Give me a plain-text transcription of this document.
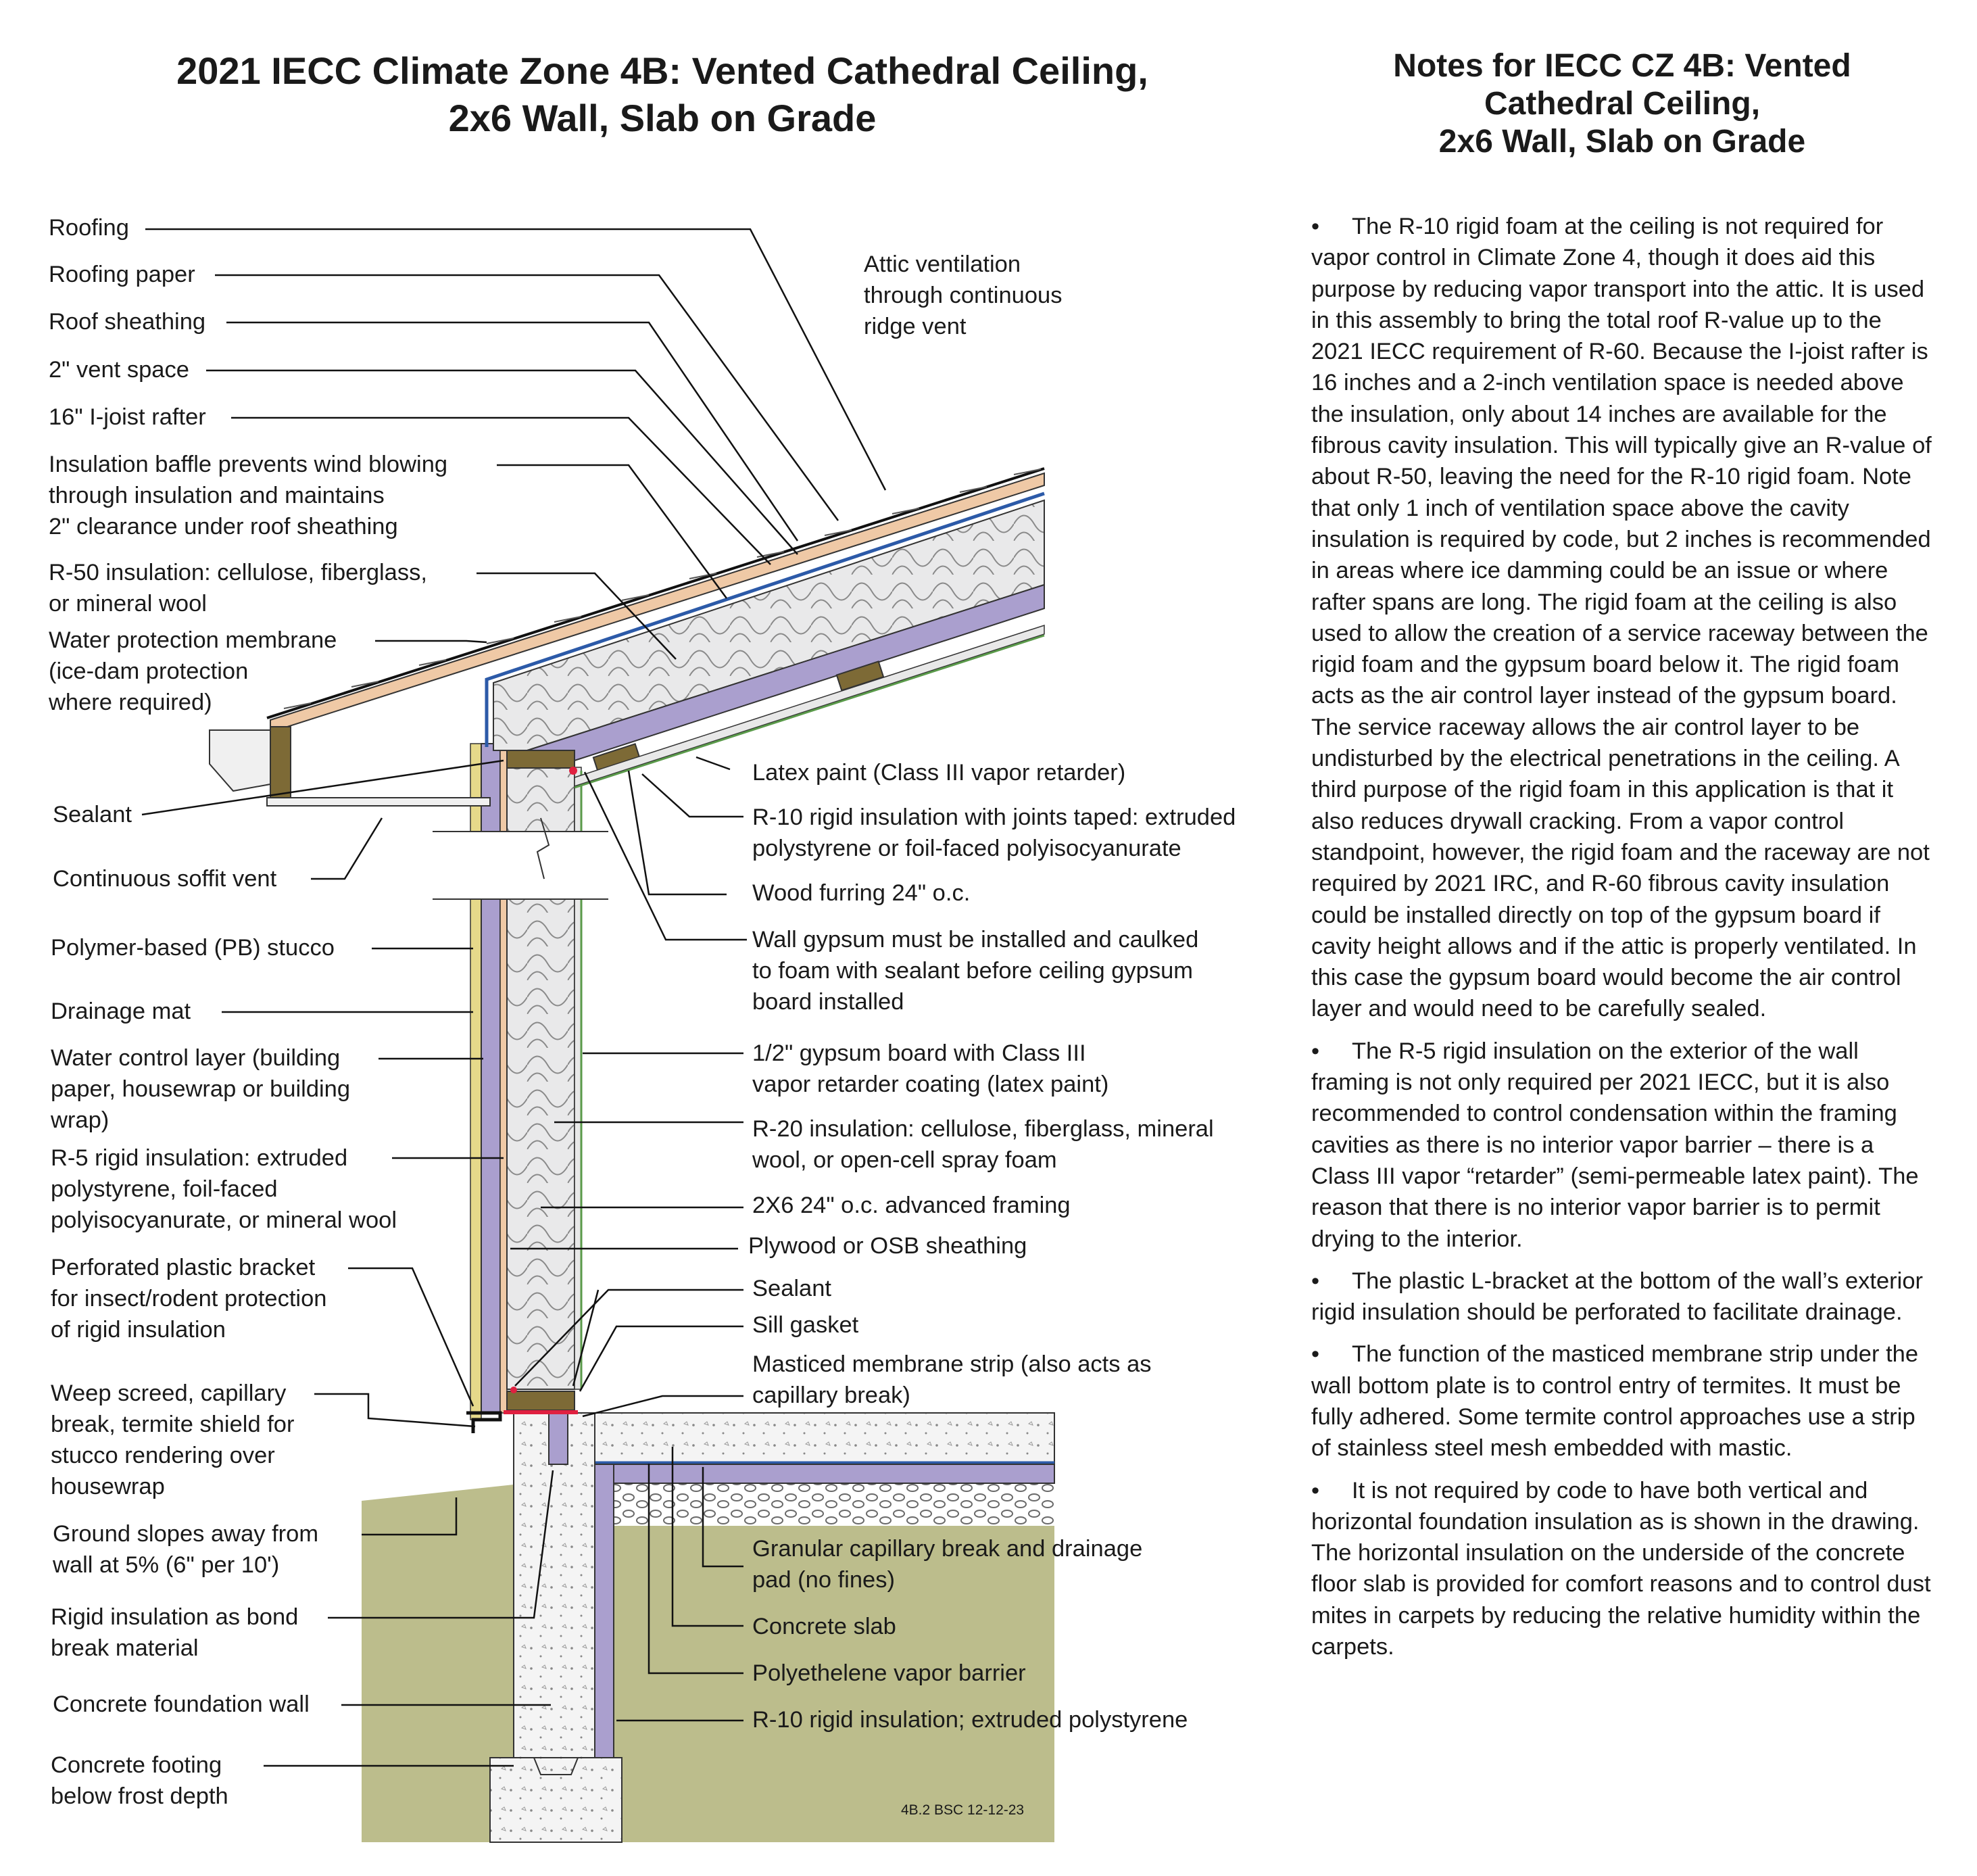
2021 IECC Climate Zone 4B: Vented Cathedral Ceiling,
2x6 Wall, Slab on Grade
Notes for IECC CZ 4B: Vented
Cathedral Ceiling,
2x6 Wall, Slab on Grade

• The R-10 rigid foam at the ceiling is not required for vapor control in Climate Zone 4, though it does aid this purpose by reducing vapor transport into the attic. It is used in this assembly to bring the total roof R-value up to the 2021 IECC requirement of R-60. Because the I-joist rafter is 16 inches and a 2-inch ventilation space is needed above the insulation, only about 14 inches are available for the fibrous cavity insulation. This will typically give an R-value of about R-50, leaving the need for the R-10 rigid foam. Note that only 1 inch of ventilation space above the cavity insulation is required by code, but 2 inches is recommended in areas where ice damming could be an issue or where rafter spans are long. The rigid foam at the ceiling is also used to allow the creation of a service raceway between the rigid foam and the gypsum board below it. The rigid foam acts as the air control layer instead of the gypsum board. The service raceway allows the air control layer to be undisturbed by the electrical penetrations in the ceiling. A third purpose of the rigid foam in this application is that it also reduces drywall cracking. From a vapor control standpoint, however, the rigid foam and the raceway are not required by 2021 IRC, and R-60 fibrous cavity insulation could be installed directly on top of the gypsum board if cavity height allows and if the attic is properly ventilated. In this case the gypsum board would become the air control layer and would need to be carefully sealed.

• The R-5 rigid insulation on the exterior of the wall framing is not only required per 2021 IECC, but it is also recommended to control condensation within the framing cavities as there is no interior vapor barrier – there is a Class III vapor “retarder” (semi-permeable latex paint). The reason that there is no interior vapor barrier is to permit drying to the interior.

• The plastic L-bracket at the bottom of the wall’s exterior rigid insulation should be perforated to facilitate drainage.

• The function of the masticed membrane strip under the wall bottom plate is to control entry of termites. It must be fully adhered. Some termite control approaches use a strip of stainless steel mesh embedded with mastic.

• It is not required by code to have both vertical and horizontal foundation insulation as is shown in the drawing. The horizontal insulation on the underside of the concrete floor slab is provided for comfort reasons and to control dust mites in carpets by reducing the relative humidity within the carpets.

Roofing
Roofing paper
Roof sheathing
2" vent space
16" I-joist rafter
Insulation baffle prevents wind blowing
through insulation and maintains
2" clearance under roof sheathing
R-50 insulation: cellulose, fiberglass,
or mineral wool
Water protection membrane
(ice-dam protection
where required)
Sealant
Continuous soffit vent
Polymer-based (PB) stucco
Drainage mat
Water control layer (building
paper, housewrap or building
wrap)
R-5 rigid insulation: extruded
polystyrene, foil-faced
polyisocyanurate, or mineral wool
Perforated plastic bracket
for insect/rodent protection
of rigid insulation
Weep screed, capillary
break, termite shield for
stucco rendering over
housewrap
Ground slopes away from
wall at 5% (6" per 10')
Rigid insulation as bond
break material
Concrete foundation wall
Concrete footing
below frost depth
Attic ventilation
through continuous
ridge vent
Latex paint (Class III vapor retarder)
R-10 rigid insulation with joints taped: extruded
polystyrene or foil-faced polyisocyanurate
Wood furring 24" o.c.
Wall gypsum must be installed and caulked
to foam with sealant before ceiling gypsum
board installed
1/2" gypsum board with Class III
vapor retarder coating (latex paint)
R-20 insulation: cellulose, fiberglass, mineral
wool, or open-cell spray foam
2X6 24" o.c. advanced framing
Plywood or OSB sheathing
Sealant
Sill gasket
Masticed membrane strip (also acts as
capillary break)
Granular capillary break and drainage
pad (no fines)
Concrete slab
Polyethelene vapor barrier
R-10 rigid insulation; extruded polystyrene
4B.2 BSC 12-12-23
